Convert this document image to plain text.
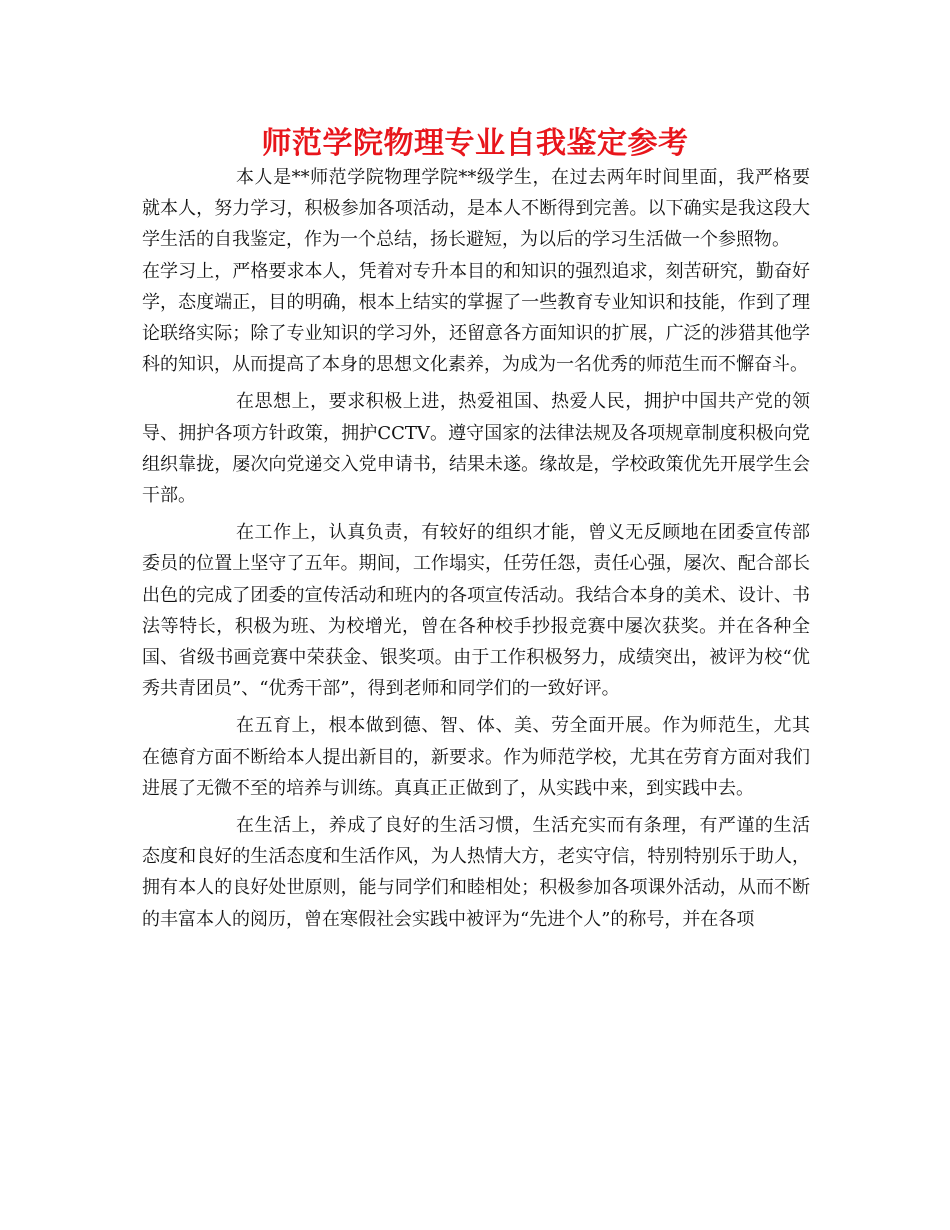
师范学院物理专业自我鉴定参考

本人是**师范学院物理学院**级学生，在过去两年时间里面，我严格要就本人，努力学习，积极参加各项活动，是本人不断得到完善。以下确实是我这段大学生活的自我鉴定，作为一个总结，扬长避短，为以后的学习生活做一个参照物。

在学习上，严格要求本人，凭着对专升本目的和知识的强烈追求，刻苦研究，勤奋好学，态度端正，目的明确，根本上结实的掌握了一些教育专业知识和技能，作到了理论联络实际；除了专业知识的学习外，还留意各方面知识的扩展，广泛的涉猎其他学科的知识，从而提高了本身的思想文化素养，为成为一名优秀的师范生而不懈奋斗。

在思想上，要求积极上进，热爱祖国、热爱人民，拥护中国共产党的领导、拥护各项方针政策，拥护CCTV。遵守国家的法律法规及各项规章制度积极向党组织靠拢，屡次向党递交入党申请书，结果未遂。缘故是，学校政策优先开展学生会干部。

在工作上，认真负责，有较好的组织才能，曾义无反顾地在团委宣传部委员的位置上坚守了五年。期间，工作塌实，任劳任怨，责任心强，屡次、配合部长出色的完成了团委的宣传活动和班内的各项宣传活动。我结合本身的美术、设计、书法等特长，积极为班、为校增光，曾在各种校手抄报竞赛中屡次获奖。并在各种全国、省级书画竞赛中荣获金、银奖项。由于工作积极努力，成绩突出，被评为校“优秀共青团员”、“优秀干部”，得到老师和同学们的一致好评。

在五育上，根本做到德、智、体、美、劳全面开展。作为师范生，尤其在德育方面不断给本人提出新目的，新要求。作为师范学校，尤其在劳育方面对我们进展了无微不至的培养与训练。真真正正做到了，从实践中来，到实践中去。

在生活上，养成了良好的生活习惯，生活充实而有条理，有严谨的生活态度和良好的生活态度和生活作风，为人热情大方，老实守信，特别特别乐于助人，拥有本人的良好处世原则，能与同学们和睦相处；积极参加各项课外活动，从而不断的丰富本人的阅历，曾在寒假社会实践中被评为“先进个人”的称号，并在各项
